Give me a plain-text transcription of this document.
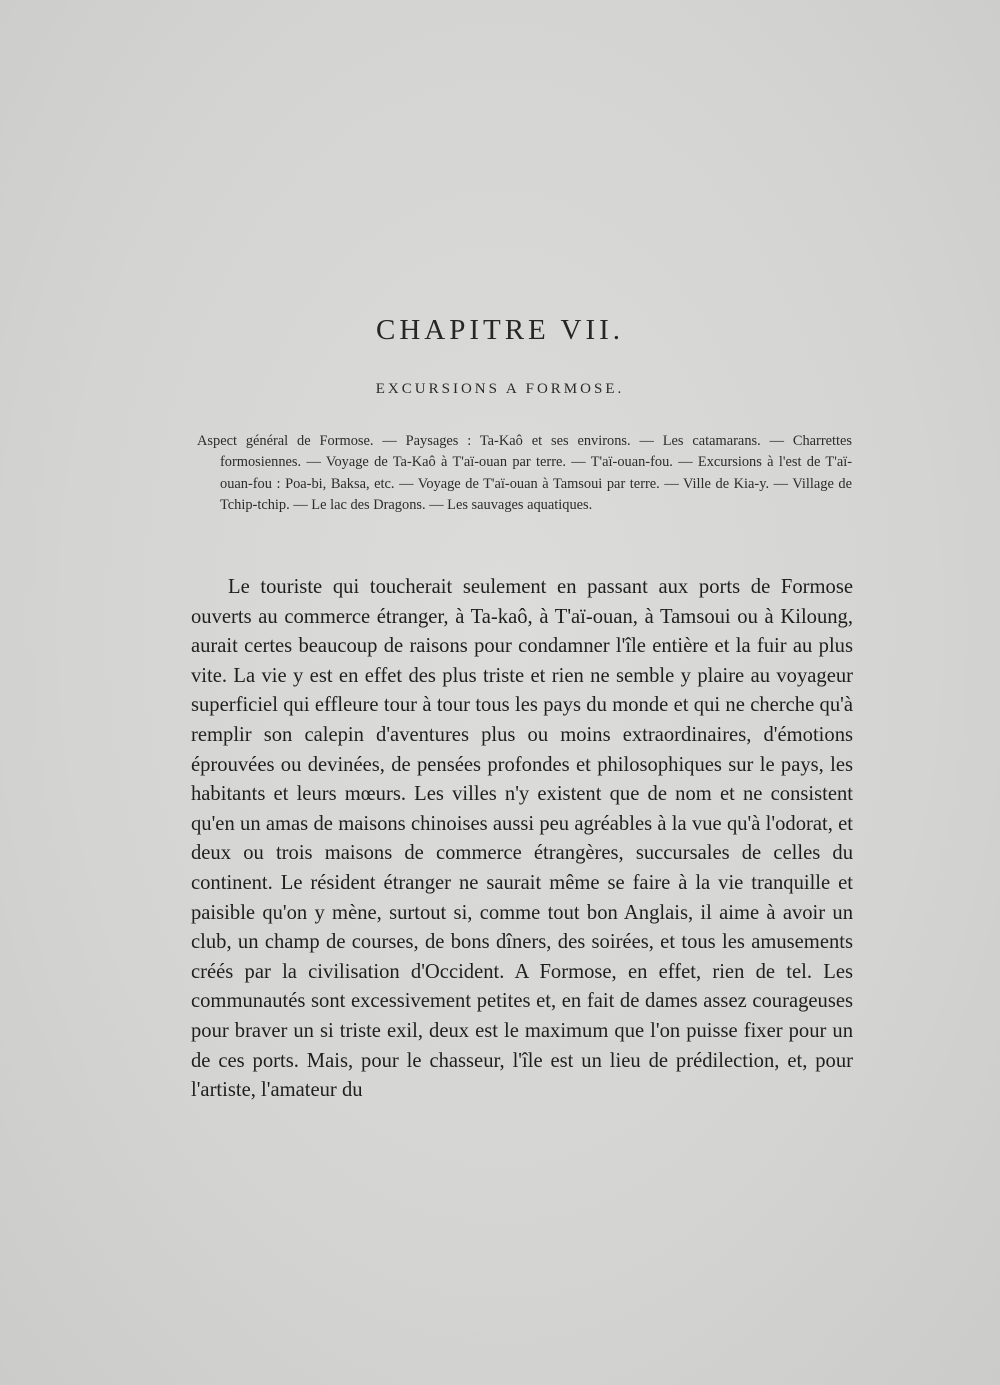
CHAPITRE VII.
EXCURSIONS A FORMOSE.

Aspect général de Formose. — Paysages : Ta-Kaô et ses environs. — Les catamarans. — Charrettes formosiennes. — Voyage de Ta-Kaô à T'aï-ouan par terre. — T'aï-ouan-fou. — Excursions à l'est de T'aï-ouan-fou : Poa-bi, Baksa, etc. — Voyage de T'aï-ouan à Tamsoui par terre. — Ville de Kia-y. — Village de Tchip-tchip. — Le lac des Dragons. — Les sauvages aquatiques.

Le touriste qui toucherait seulement en passant aux ports de Formose ouverts au commerce étranger, à Ta-kaô, à T'aï-ouan, à Tamsoui ou à Kiloung, aurait certes beaucoup de raisons pour condamner l'île entière et la fuir au plus vite. La vie y est en effet des plus triste et rien ne semble y plaire au voyageur superficiel qui effleure tour à tour tous les pays du monde et qui ne cherche qu'à remplir son calepin d'aventures plus ou moins extraordinaires, d'émotions éprouvées ou devinées, de pensées profondes et philosophiques sur le pays, les habitants et leurs mœurs. Les villes n'y existent que de nom et ne consistent qu'en un amas de maisons chinoises aussi peu agréables à la vue qu'à l'odorat, et deux ou trois maisons de commerce étrangères, succursales de celles du continent. Le résident étranger ne saurait même se faire à la vie tranquille et paisible qu'on y mène, surtout si, comme tout bon Anglais, il aime à avoir un club, un champ de courses, de bons dîners, des soirées, et tous les amusements créés par la civilisation d'Occident. A Formose, en effet, rien de tel. Les communautés sont excessivement petites et, en fait de dames assez courageuses pour braver un si triste exil, deux est le maximum que l'on puisse fixer pour un de ces ports. Mais, pour le chasseur, l'île est un lieu de prédilection, et, pour l'artiste, l'amateur du
